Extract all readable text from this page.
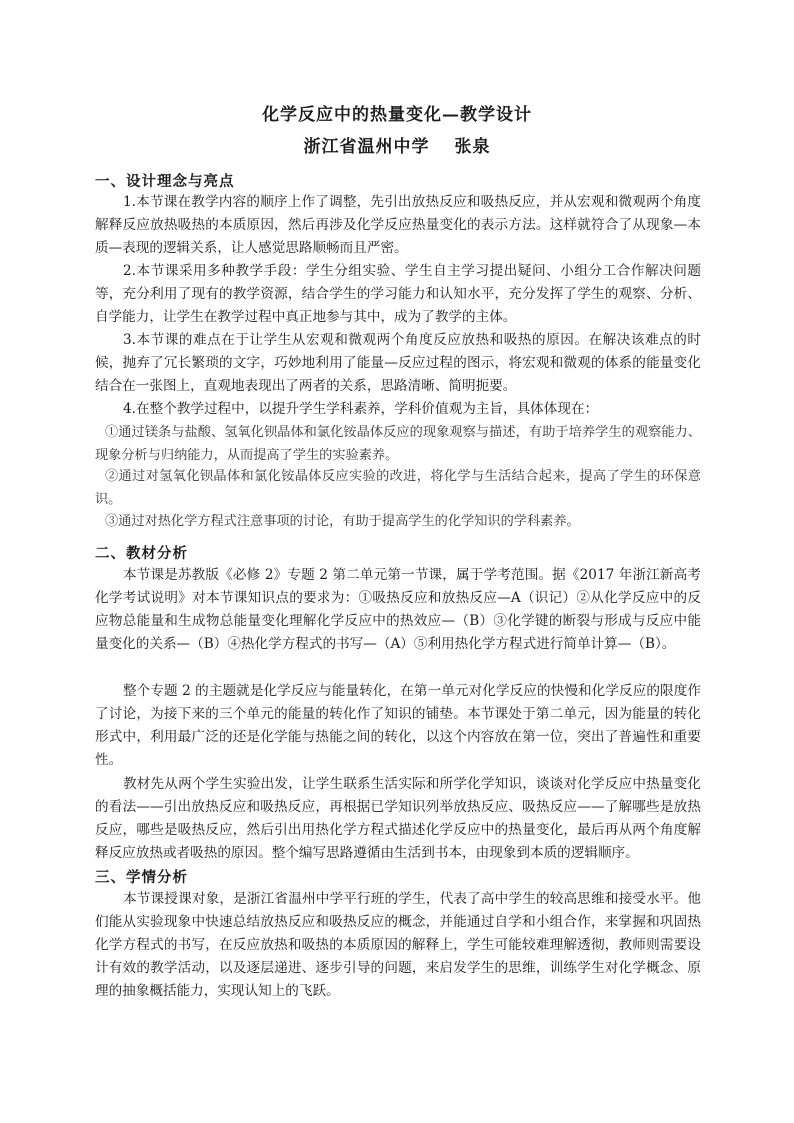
化学反应中的热量变化—教学设计
浙江省温州中学　 张泉
一、设计理念与亮点
1.本节课在教学内容的顺序上作了调整，先引出放热反应和吸热反应，并从宏观和微观两个角度解释反应放热吸热的本质原因，然后再涉及化学反应热量变化的表示方法。这样就符合了从现象—本质—表现的逻辑关系，让人感觉思路顺畅而且严密。
2.本节课采用多种教学手段：学生分组实验、学生自主学习提出疑问、小组分工合作解决问题等，充分利用了现有的教学资源，结合学生的学习能力和认知水平，充分发挥了学生的观察、分析、自学能力，让学生在教学过程中真正地参与其中，成为了教学的主体。
3.本节课的难点在于让学生从宏观和微观两个角度反应放热和吸热的原因。在解决该难点的时候，抛弃了冗长繁琐的文字，巧妙地利用了能量—反应过程的图示，将宏观和微观的体系的能量变化结合在一张图上，直观地表现出了两者的关系，思路清晰、简明扼要。
4.在整个教学过程中，以提升学生学科素养，学科价值观为主旨，具体体现在：
①通过镁条与盐酸、氢氧化钡晶体和氯化铵晶体反应的现象观察与描述，有助于培养学生的观察能力、现象分析与归纳能力，从而提高了学生的实验素养。
②通过对氢氧化钡晶体和氯化铵晶体反应实验的改进，将化学与生活结合起来，提高了学生的环保意识。
③通过对热化学方程式注意事项的讨论，有助于提高学生的化学知识的学科素养。
二、教材分析
本节课是苏教版《必修 2》专题 2 第二单元第一节课，属于学考范围。据《2017 年浙江新高考化学考试说明》对本节课知识点的要求为：①吸热反应和放热反应—A（识记）②从化学反应中的反应物总能量和生成物总能量变化理解化学反应中的热效应—（B）③化学键的断裂与形成与反应中能量变化的关系—（B）④热化学方程式的书写—（A）⑤利用热化学方程式进行简单计算—（B）。
整个专题 2 的主题就是化学反应与能量转化，在第一单元对化学反应的快慢和化学反应的限度作了讨论，为接下来的三个单元的能量的转化作了知识的铺垫。本节课处于第二单元，因为能量的转化形式中，利用最广泛的还是化学能与热能之间的转化，以这个内容放在第一位，突出了普遍性和重要性。
教材先从两个学生实验出发，让学生联系生活实际和所学化学知识，谈谈对化学反应中热量变化的看法——引出放热反应和吸热反应，再根据已学知识列举放热反应、吸热反应——了解哪些是放热反应，哪些是吸热反应，然后引出用热化学方程式描述化学反应中的热量变化，最后再从两个角度解释反应放热或者吸热的原因。整个编写思路遵循由生活到书本，由现象到本质的逻辑顺序。
三、学情分析
本节课授课对象，是浙江省温州中学平行班的学生，代表了高中学生的较高思维和接受水平。他们能从实验现象中快速总结放热反应和吸热反应的概念，并能通过自学和小组合作，来掌握和巩固热化学方程式的书写，在反应放热和吸热的本质原因的解释上，学生可能较难理解透彻，教师则需要设计有效的教学活动，以及逐层递进、逐步引导的问题，来启发学生的思维，训练学生对化学概念、原理的抽象概括能力，实现认知上的飞跃。
